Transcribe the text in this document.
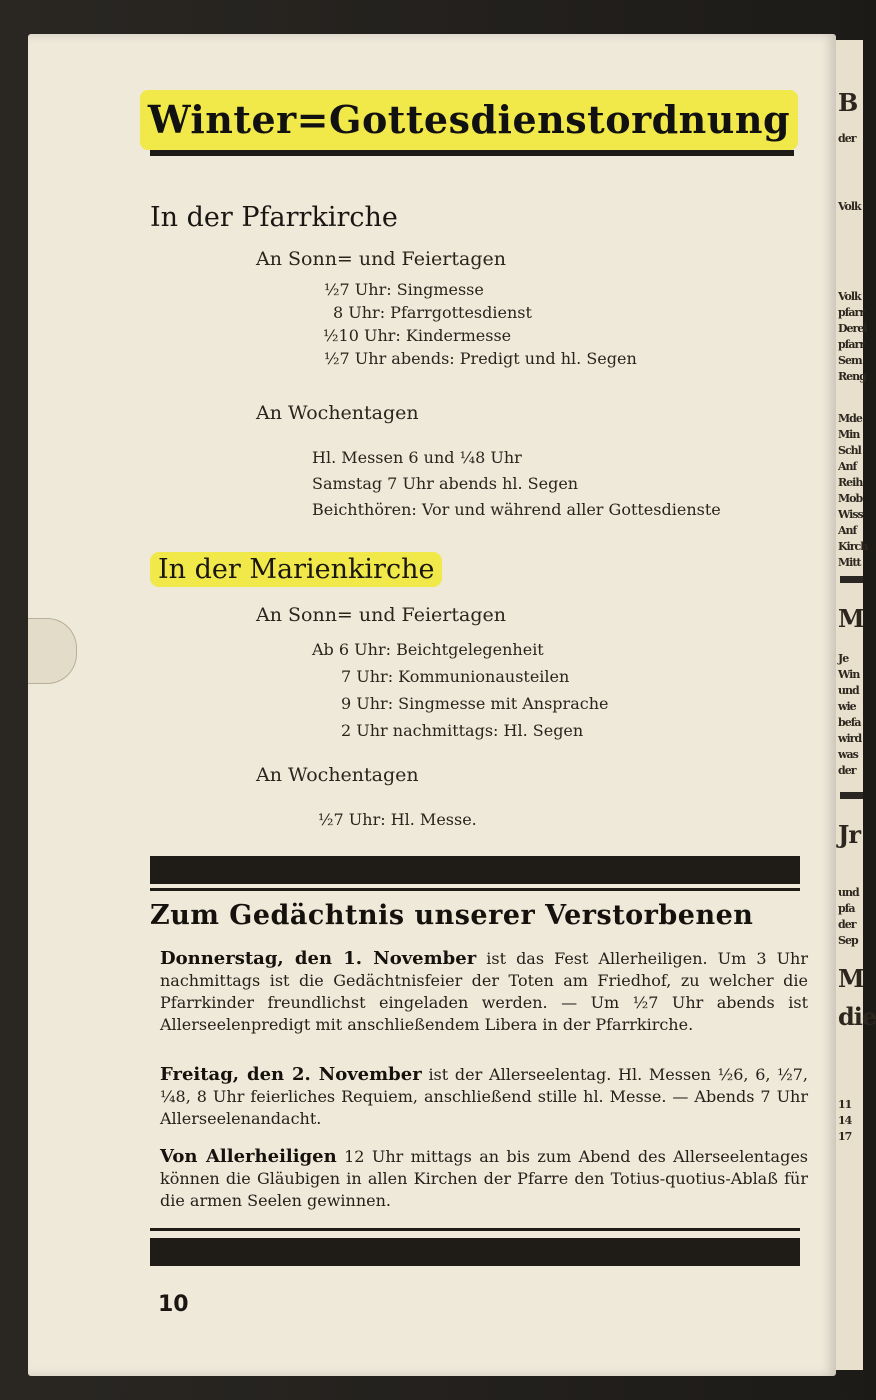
B
der
Volk
Volk
pfarr
Derei
pfarr
Sem
Reng
Mde
Min
Schl
Anf
Reih
Mob
Wiss
Anf
Kirch
Mitt
M
Je
Win
und
wie
befa
wird
was
der
Jr
und
pfa
der
Sep
M
die
11
14
17
Winter=Gottesdienstordnung
In der Pfarrkirche
An Sonn= und Feiertagen
½7 Uhr: Singmesse
8 Uhr: Pfarrgottesdienst
½10 Uhr: Kindermesse
½7 Uhr abends: Predigt und hl. Segen
An Wochentagen
Hl. Messen 6 und ¼8 Uhr
Samstag 7 Uhr abends hl. Segen
Beichthören: Vor und während aller Gottesdienste
In der Marienkirche
An Sonn= und Feiertagen
Ab 6 Uhr: Beichtgelegenheit
7 Uhr: Kommunionausteilen
9 Uhr: Singmesse mit Ansprache
2 Uhr nachmittags: Hl. Segen
An Wochentagen
½7 Uhr: Hl. Messe.
Zum Gedächtnis unserer Verstorbenen
Donnerstag, den 1. November ist das Fest Allerheiligen. Um 3 Uhr nachmittags ist die Gedächtnisfeier der Toten am Friedhof, zu welcher die Pfarrkinder freundlichst eingeladen werden. — Um ½7 Uhr abends ist Allerseelenpredigt mit anschließendem Libera in der Pfarrkirche.
Freitag, den 2. November ist der Allerseelentag. Hl. Messen ½6, 6, ½7, ¼8, 8 Uhr feierliches Requiem, anschließend stille hl. Messe. — Abends 7 Uhr Allerseelenandacht.
Von Allerheiligen 12 Uhr mittags an bis zum Abend des Allerseelentages können die Gläubigen in allen Kirchen der Pfarre den Totius-quotius-Ablaß für die armen Seelen gewinnen.
10
